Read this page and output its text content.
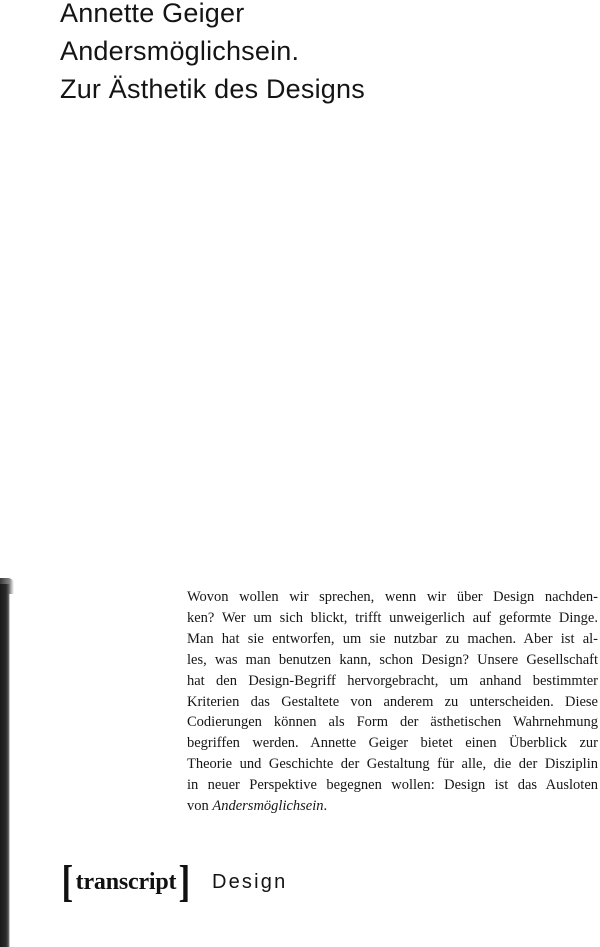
Annette Geiger
Andersmöglichsein.
Zur Ästhetik des Designs
Wovon wollen wir sprechen, wenn wir über Design nachden-
ken? Wer um sich blickt, trifft unweigerlich auf geformte Dinge.
Man hat sie entworfen, um sie nutzbar zu machen. Aber ist al-
les, was man benutzen kann, schon Design? Unsere Gesellschaft
hat den Design-Begriff hervorgebracht, um anhand bestimmter
Kriterien das Gestaltete von anderem zu unterscheiden. Diese
Codierungen können als Form der ästhetischen Wahrnehmung
begriffen werden. Annette Geiger bietet einen Überblick zur
Theorie und Geschichte der Gestaltung für alle, die der Disziplin
in neuer Perspektive begegnen wollen: Design ist das Ausloten
von Andersmöglichsein.
[ transcript ] Design
